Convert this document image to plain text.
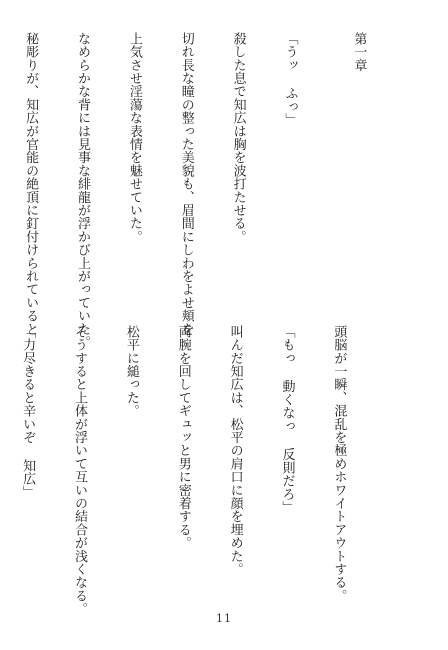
第一章

「うッ ふっ」

殺した息で知広は胸を波打たせる。

切れ長な瞳の整った美貌も、眉間にしわをよせ頬を

上気させ淫蕩な表情を魅せていた。

なめらかな背には見事な緋龍が浮かび上がっていた。

秘彫りが、知広が官能の絶頂に釘付けられていると

頭脳が一瞬、混乱を極めホワイトアウトする。

「もっ 動くなっ 反則だろ」

叫んだ知広は、松平の肩口に顔を埋めた。

両腕を回してギュッと男に密着する。

松平に縋った。

そうすると上体が浮いて互いの結合が浅くなる。

「力尽きると辛いぞ 知広」

11
